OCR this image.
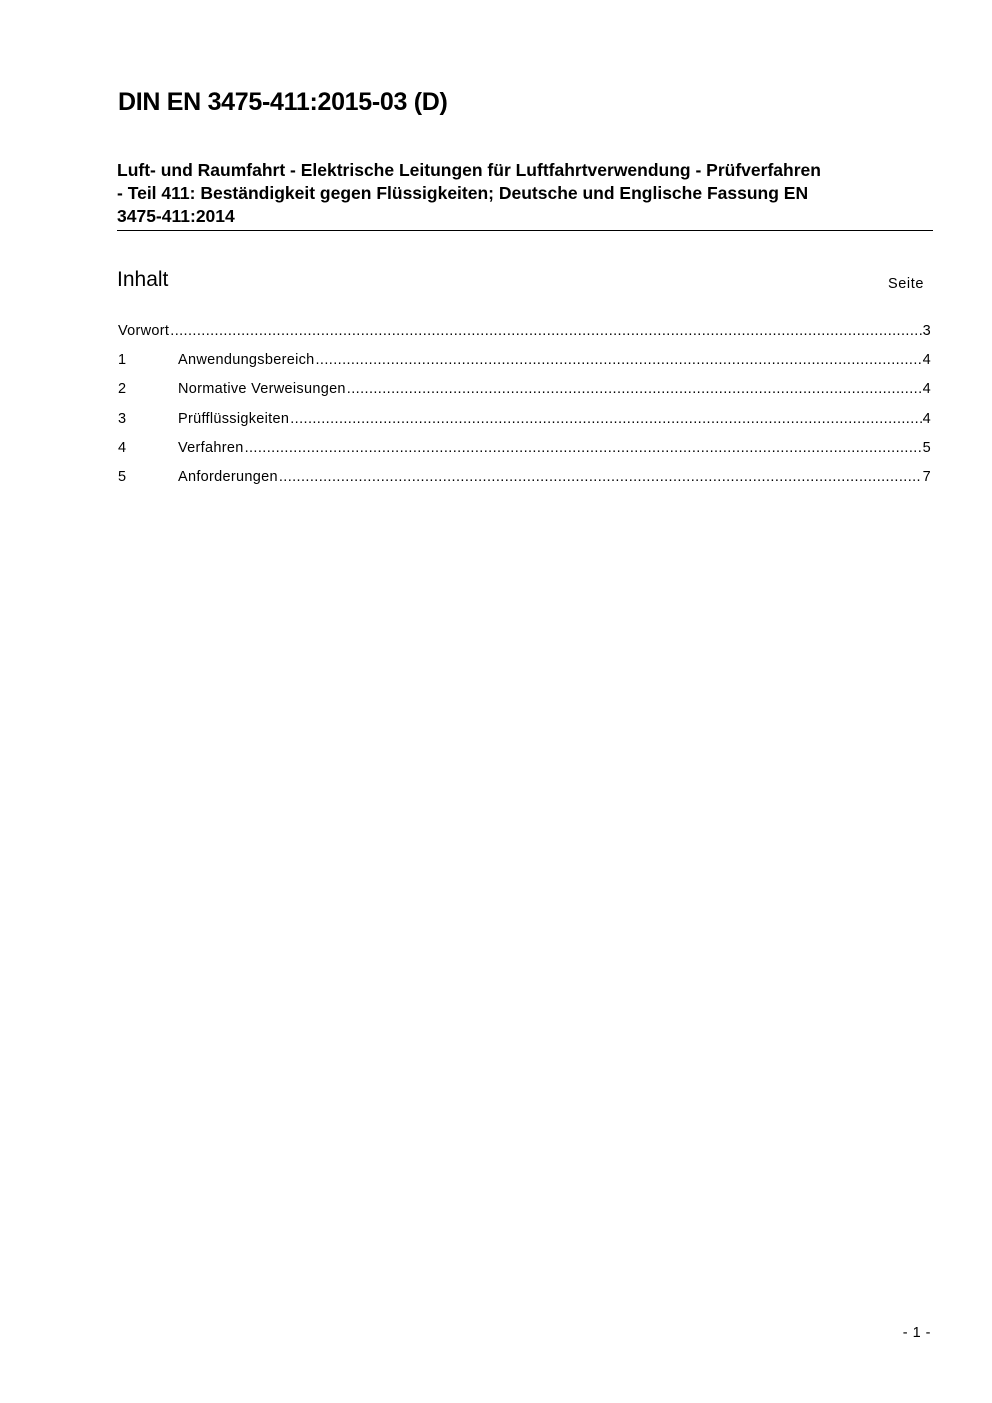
DIN EN 3475-411:2015-03 (D)
Luft- und Raumfahrt - Elektrische Leitungen für Luftfahrtverwendung - Prüfverfahren
- Teil 411: Beständigkeit gegen Flüssigkeiten; Deutsche und Englische Fassung EN
3475-411:2014
Inhalt	Seite
Vorwort .....	3
1	Anwendungsbereich .....	4
2	Normative Verweisungen .....	4
3	Prüfflüssigkeiten .....	4
4	Verfahren .....	5
5	Anforderungen .....	7
- 1 -
